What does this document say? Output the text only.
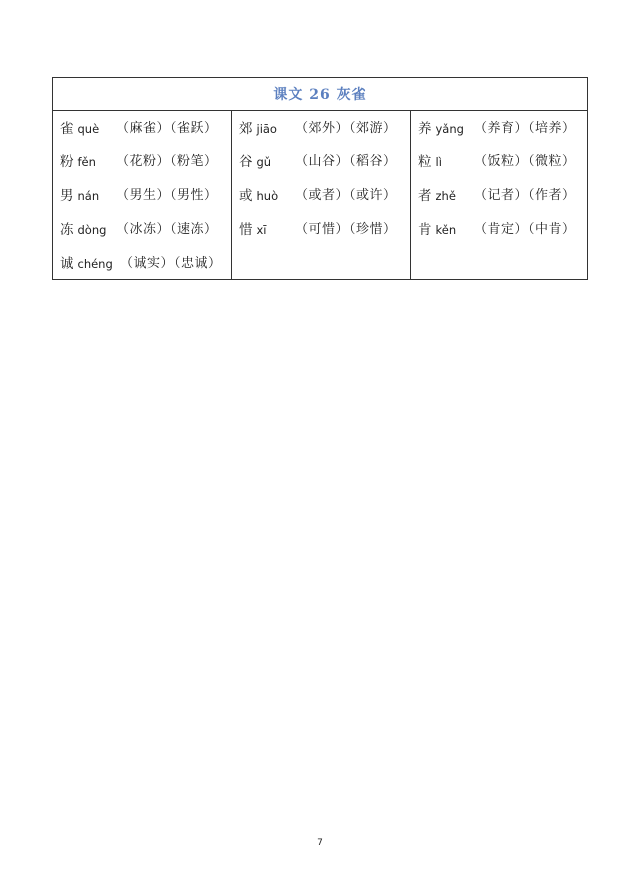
课文 26 灰雀
雀 què （麻雀）（雀跃）
粉 fěn （花粉）（粉笔）
男 nán （男生）（男性）
冻 dòng （冰冻）（速冻）
诚 chéng （诚实）（忠诚）
郊 jiāo （郊外）（郊游）
谷 gǔ （山谷）（稻谷）
或 huò （或者）（或许）
惜 xī （可惜）（珍惜）
养 yǎng （养育）（培养）
粒 lì （饭粒）（微粒）
者 zhě （记者）（作者）
肯 kěn （肯定）（中肯）
7
